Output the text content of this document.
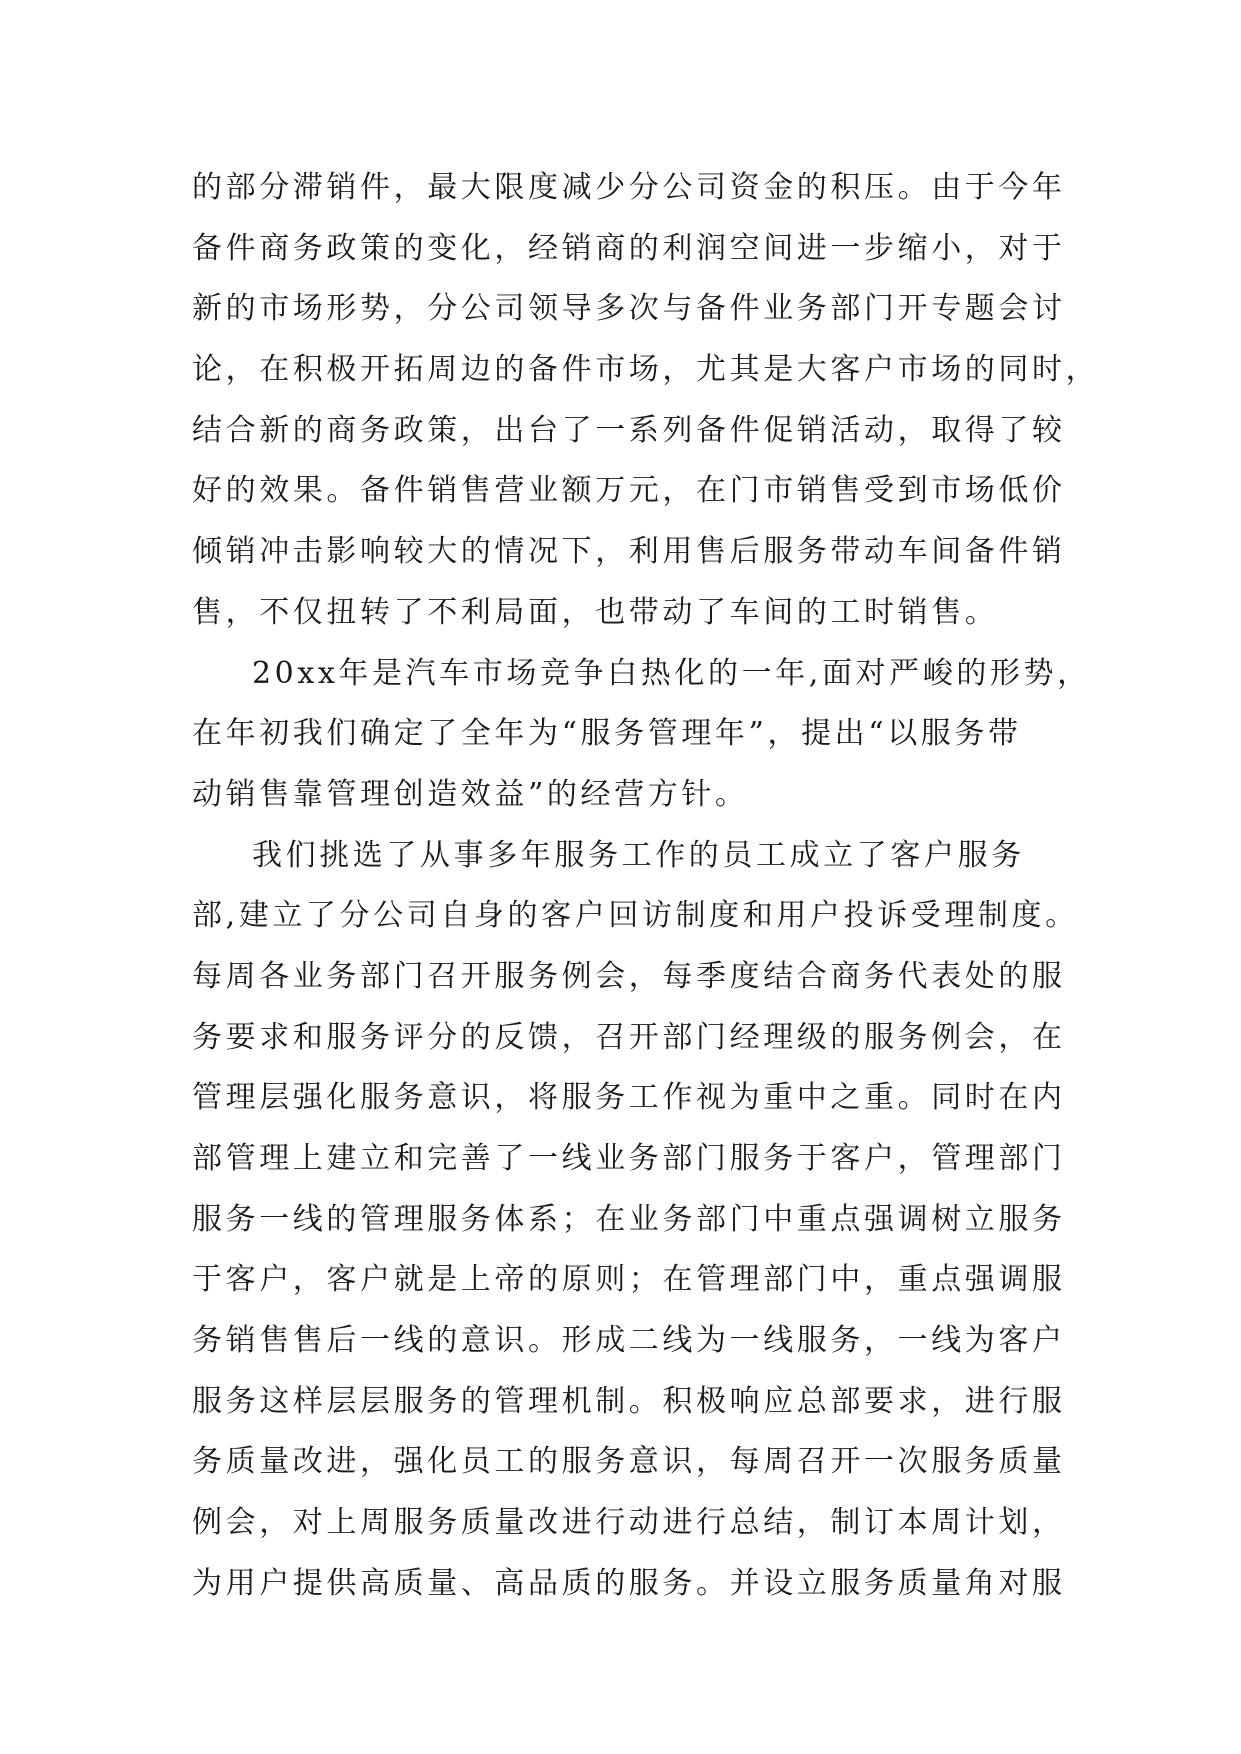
的部分滞销件，最大限度减少分公司资金的积压。由于今年
备件商务政策的变化，经销商的利润空间进一步缩小，对于
新的市场形势，分公司领导多次与备件业务部门开专题会讨
论，在积极开拓周边的备件市场，尤其是大客户市场的同时，
结合新的商务政策，出台了一系列备件促销活动，取得了较
好的效果。备件销售营业额万元，在门市销售受到市场低价
倾销冲击影响较大的情况下，利用售后服务带动车间备件销
售，不仅扭转了不利局面，也带动了车间的工时销售。
20xx年是汽车市场竞争白热化的一年,面对严峻的形势，
在年初我们确定了全年为“服务管理年”，提出“以服务带
动销售靠管理创造效益”的经营方针。
我们挑选了从事多年服务工作的员工成立了客户服务
部,建立了分公司自身的客户回访制度和用户投诉受理制度。
每周各业务部门召开服务例会，每季度结合商务代表处的服
务要求和服务评分的反馈，召开部门经理级的服务例会，在
管理层强化服务意识，将服务工作视为重中之重。同时在内
部管理上建立和完善了一线业务部门服务于客户，管理部门
服务一线的管理服务体系；在业务部门中重点强调树立服务
于客户，客户就是上帝的原则；在管理部门中，重点强调服
务销售售后一线的意识。形成二线为一线服务，一线为客户
服务这样层层服务的管理机制。积极响应总部要求，进行服
务质量改进，强化员工的服务意识，每周召开一次服务质量
例会，对上周服务质量改进行动进行总结，制订本周计划，
为用户提供高质量、高品质的服务。并设立服务质量角对服
